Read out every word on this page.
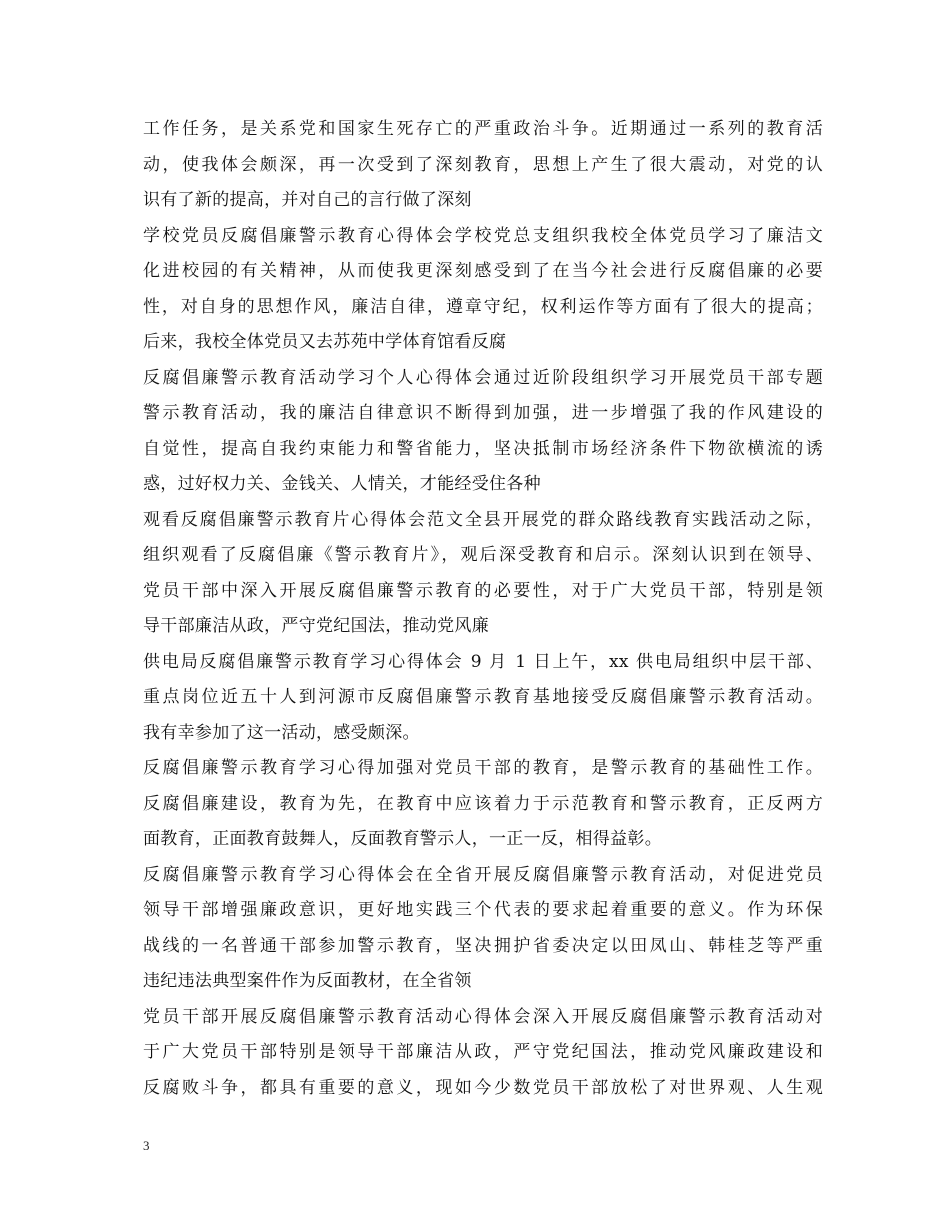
工作任务，是关系党和国家生死存亡的严重政治斗争。近期通过一系列的教育活
动，使我体会颇深，再一次受到了深刻教育，思想上产生了很大震动，对党的认
识有了新的提高，并对自己的言行做了深刻
学校党员反腐倡廉警示教育心得体会学校党总支组织我校全体党员学习了廉洁文
化进校园的有关精神，从而使我更深刻感受到了在当今社会进行反腐倡廉的必要
性，对自身的思想作风，廉洁自律，遵章守纪，权利运作等方面有了很大的提高；
后来，我校全体党员又去苏苑中学体育馆看反腐
反腐倡廉警示教育活动学习个人心得体会通过近阶段组织学习开展党员干部专题
警示教育活动，我的廉洁自律意识不断得到加强，进一步增强了我的作风建设的
自觉性，提高自我约束能力和警省能力，坚决抵制市场经济条件下物欲横流的诱
惑，过好权力关、金钱关、人情关，才能经受住各种
观看反腐倡廉警示教育片心得体会范文全县开展党的群众路线教育实践活动之际，
组织观看了反腐倡廉《警示教育片》，观后深受教育和启示。深刻认识到在领导、
党员干部中深入开展反腐倡廉警示教育的必要性，对于广大党员干部，特别是领
导干部廉洁从政，严守党纪国法，推动党风廉
供电局反腐倡廉警示教育学习心得体会 9 月 1 日上午，xx 供电局组织中层干部、
重点岗位近五十人到河源市反腐倡廉警示教育基地接受反腐倡廉警示教育活动。
我有幸参加了这一活动，感受颇深。
反腐倡廉警示教育学习心得加强对党员干部的教育，是警示教育的基础性工作。
反腐倡廉建设，教育为先，在教育中应该着力于示范教育和警示教育，正反两方
面教育，正面教育鼓舞人，反面教育警示人，一正一反，相得益彰。
反腐倡廉警示教育学习心得体会在全省开展反腐倡廉警示教育活动，对促进党员
领导干部增强廉政意识，更好地实践三个代表的要求起着重要的意义。作为环保
战线的一名普通干部参加警示教育，坚决拥护省委决定以田凤山、韩桂芝等严重
违纪违法典型案件作为反面教材，在全省领
党员干部开展反腐倡廉警示教育活动心得体会深入开展反腐倡廉警示教育活动对
于广大党员干部特别是领导干部廉洁从政，严守党纪国法，推动党风廉政建设和
反腐败斗争，都具有重要的意义，现如今少数党员干部放松了对世界观、人生观
3
